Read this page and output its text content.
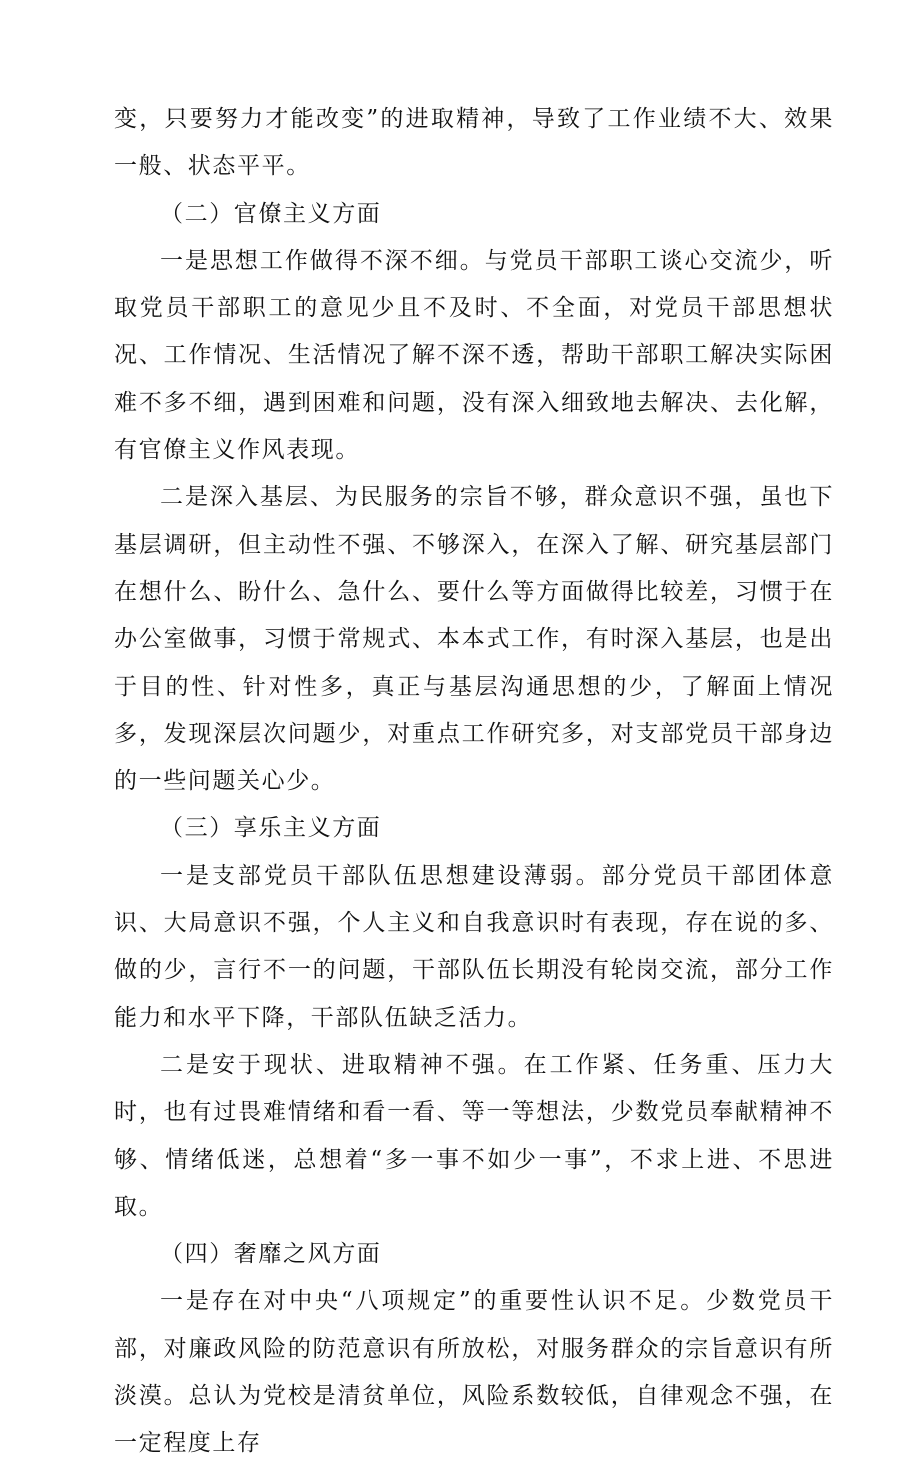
变，只要努力才能改变”的进取精神，导致了工作业绩不大、效果一般、状态平平。

（二）官僚主义方面

一是思想工作做得不深不细。与党员干部职工谈心交流少，听取党员干部职工的意见少且不及时、不全面，对党员干部思想状况、工作情况、生活情况了解不深不透，帮助干部职工解决实际困难不多不细，遇到困难和问题，没有深入细致地去解决、去化解，有官僚主义作风表现。

二是深入基层、为民服务的宗旨不够，群众意识不强，虽也下基层调研，但主动性不强、不够深入，在深入了解、研究基层部门在想什么、盼什么、急什么、要什么等方面做得比较差，习惯于在办公室做事，习惯于常规式、本本式工作，有时深入基层，也是出于目的性、针对性多，真正与基层沟通思想的少，了解面上情况多，发现深层次问题少，对重点工作研究多，对支部党员干部身边的一些问题关心少。

（三）享乐主义方面

一是支部党员干部队伍思想建设薄弱。部分党员干部团体意识、大局意识不强，个人主义和自我意识时有表现，存在说的多、做的少，言行不一的问题，干部队伍长期没有轮岗交流，部分工作能力和水平下降，干部队伍缺乏活力。

二是安于现状、进取精神不强。在工作紧、任务重、压力大时，也有过畏难情绪和看一看、等一等想法，少数党员奉献精神不够、情绪低迷，总想着“多一事不如少一事”，不求上进、不思进取。

（四）奢靡之风方面

一是存在对中央“八项规定”的重要性认识不足。少数党员干部，对廉政风险的防范意识有所放松，对服务群众的宗旨意识有所淡漠。总认为党校是清贫单位，风险系数较低，自律观念不强，在一定程度上存
